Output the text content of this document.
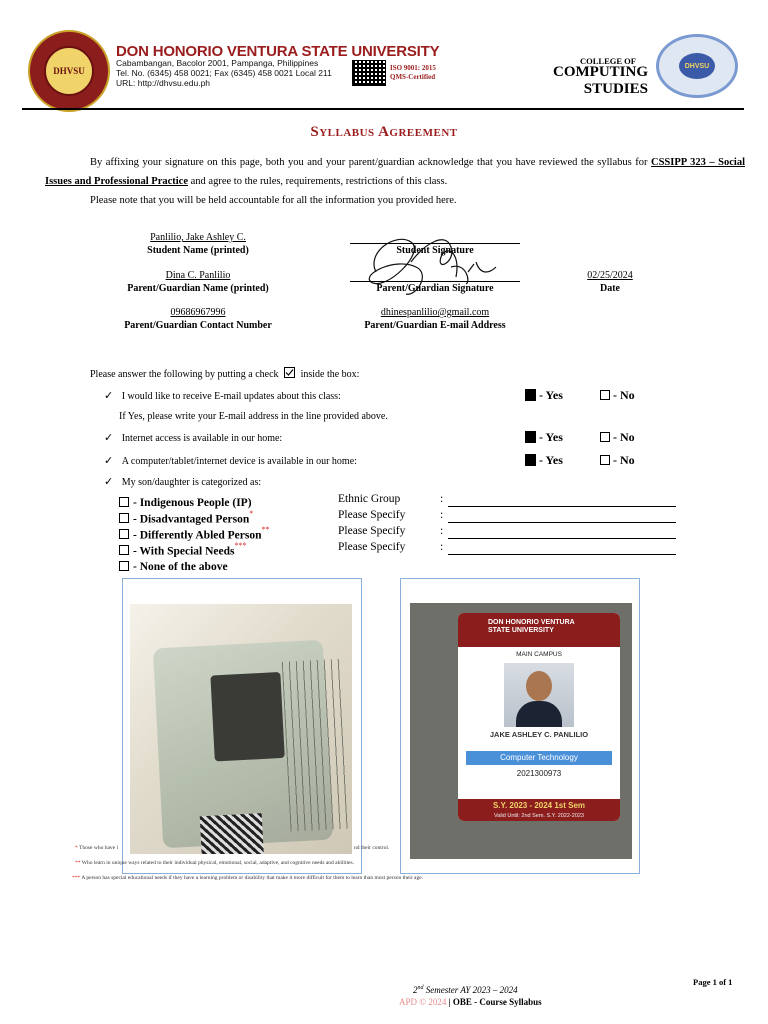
DHVSU
DON HONORIO VENTURA STATE UNIVERSITY
Cabambangan, Bacolor 2001, Pampanga, Philippines
Tel. No. (6345) 458 0021; Fax (6345) 458 0021 Local 211
URL: http://dhvsu.edu.ph
ISO 9001: 2015
QMS-Certified
COLLEGE OF
COMPUTING
STUDIES
DHVSU
Syllabus Agreement
By affixing your signature on this page, both you and your parent/guardian acknowledge that you have reviewed the syllabus for CSSIPP 323 – Social Issues and Professional Practice and agree to the rules, requirements, restrictions of this class.
Please note that you will be held accountable for all the information you provided here.
Panlilio, Jake Ashley C.
Student Name (printed)	Student Signature
Dina C. Panlilio
Parent/Guardian Name (printed)	Parent/Guardian Signature
02/25/2024
Date
09686967996
Parent/Guardian Contact Number
dhinespanlilio@gmail.com
Parent/Guardian E-mail Address
Please answer the following by putting a check inside the box:
✓ I would like to receive E-mail updates about this class:	- Yes	- No
If Yes, please write your E-mail address in the line provided above.
✓ Internet access is available in our home:	- Yes	- No
✓ A computer/tablet/internet device is available in our home:	- Yes	- No
✓ My son/daughter is categorized as:
- Indigenous People (IP)	Ethnic Group	:
- Disadvantaged Person*	Please Specify	:
- Differently Abled Person**	Please Specify	:
- With Special Needs***	Please Specify	:
- None of the above
DON HONORIO VENTURA
STATE UNIVERSITY
MAIN CAMPUS
JAKE ASHLEY C. PANLILIO
Computer Technology
2021300973
S.Y. 2023 - 2024 1st Sem
Valid Until: 2nd Sem. S.Y. 2022-2023
* Those who have l	nd their control.
** Who learn in unique ways related to their individual physical, emotional, social, adaptive, and cognitive needs and abilities.
*** A person has special educational needs if they have a learning problem or disability that make it more difficult for them to learn than most person their age.
Page 1 of 1
2nd Semester AY 2023 – 2024
APD © 2024 | OBE - Course Syllabus
